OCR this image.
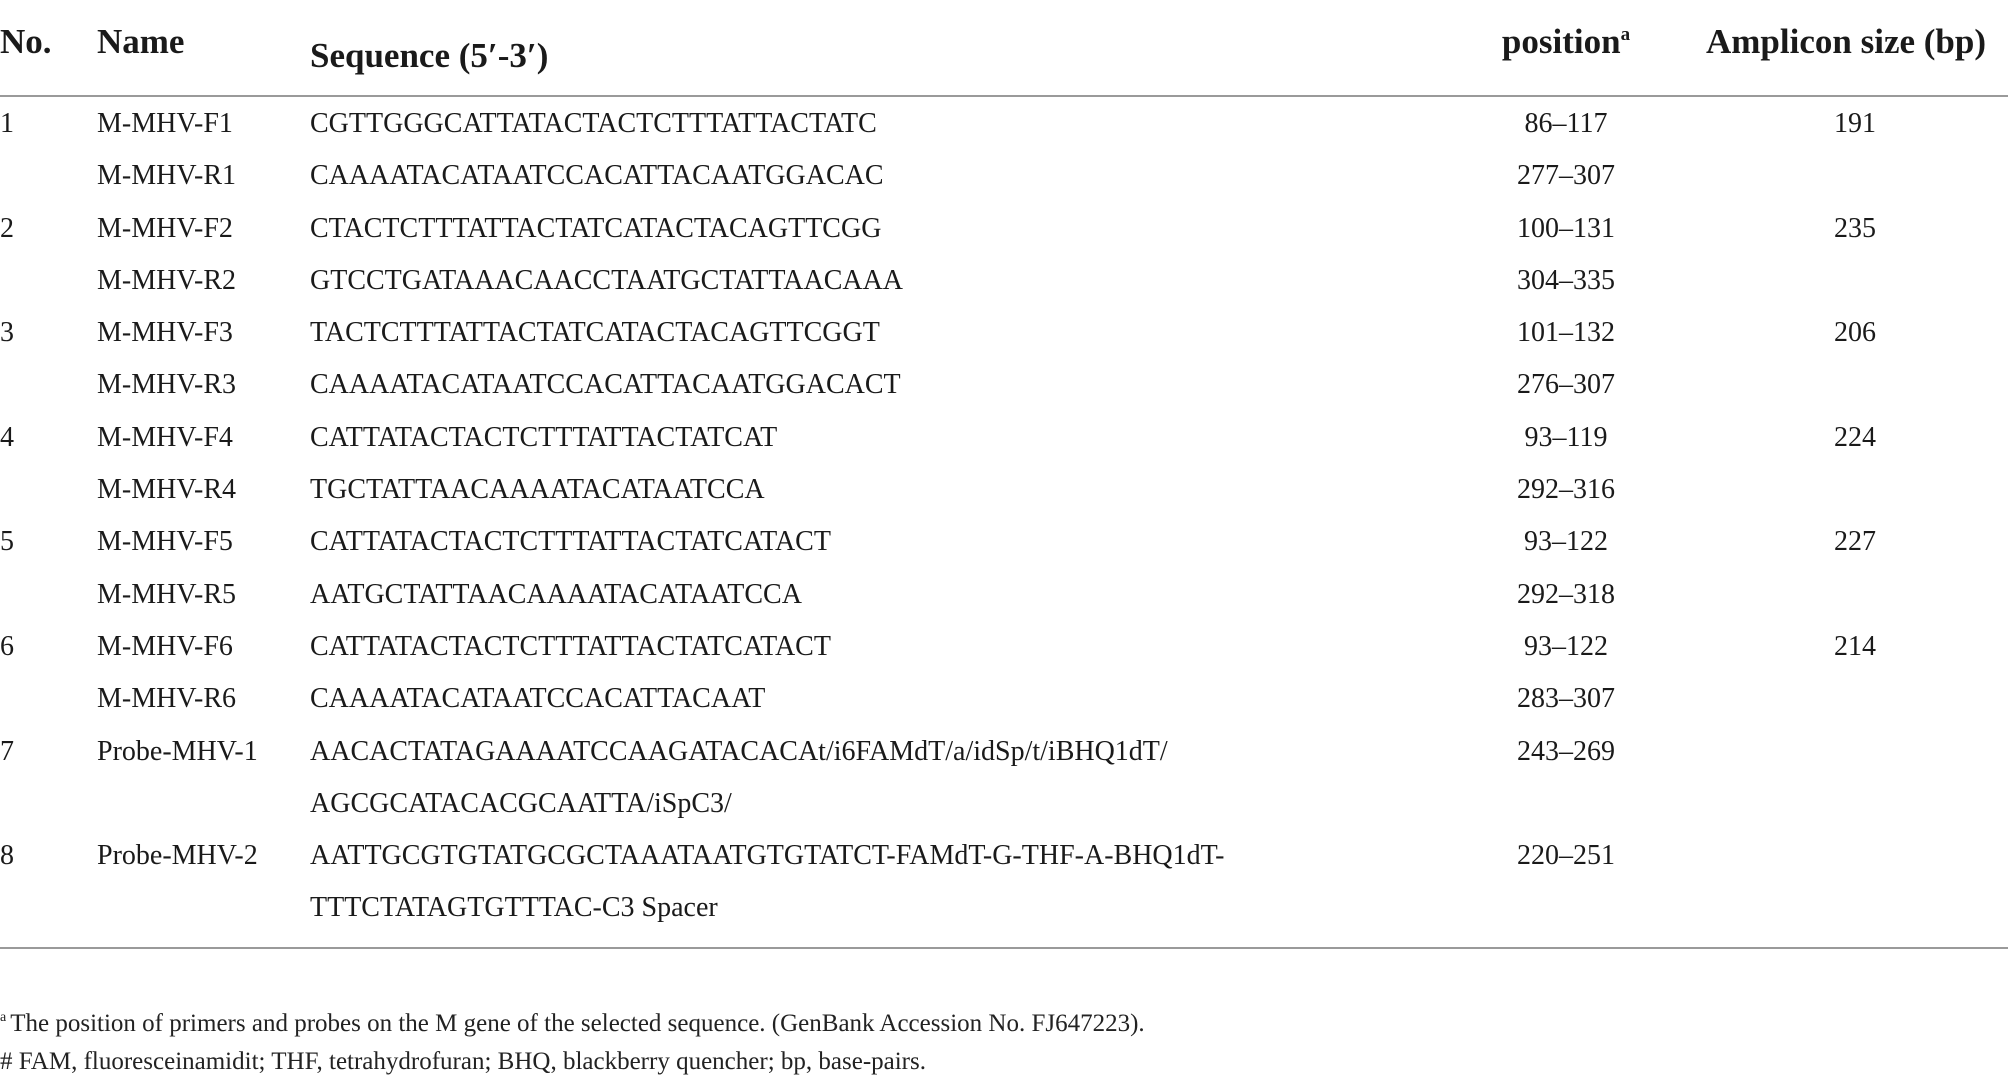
No. Name	Sequence (5′-3′)	position$^a$	Amplicon size (bp)
1	M-MHV-F1	CGTTGGGCATTATACTACTCTTTATTACTATC	86–117	191
M-MHV-R1	CAAAATACATAATCCACATTACAATGGACAC	277–307
2	M-MHV-F2	CTACTCTTTATTACTATCATACTACAGTTCGG	100–131	235
M-MHV-R2	GTCCTGATAAACAACCTAATGCTATTAACAAA	304–335
3	M-MHV-F3	TACTCTTTATTACTATCATACTACAGTTCGGT	101–132	206
M-MHV-R3	CAAAATACATAATCCACATTACAATGGACACT	276–307
4	M-MHV-F4	CATTATACTACTCTTTATTACTATCAT	93–119	224
M-MHV-R4	TGCTATTAACAAAATACATAATCCA	292–316
5	M-MHV-F5	CATTATACTACTCTTTATTACTATCATACT	93–122	227
M-MHV-R5	AATGCTATTAACAAAATACATAATCCA	292–318
6	M-MHV-F6	CATTATACTACTCTTTATTACTATCATACT	93–122	214
M-MHV-R6	CAAAATACATAATCCACATTACAAT	283–307
7	Probe-MHV-1 AACACTATAGAAAATCCAAGATACACAt/i6FAMdT/a/idSp/t/iBHQ1dT/	243–269
AGCGCATACACGCAATTA/iSpC3/
8	Probe-MHV-2 AATTGCGTGTATGCGCTAAATAATGTGTATCT-FAMdT-G-THF-A-BHQ1dT-	220–251
TTTCTATAGTGTTTAC-C3 Spacer
$^a$ The position of primers and probes on the M gene of the selected sequence. (GenBank Accession No. FJ647223).
# FAM, fluoresceinamidit; THF, tetrahydrofuran; BHQ, blackberry quencher; bp, base-pairs.
